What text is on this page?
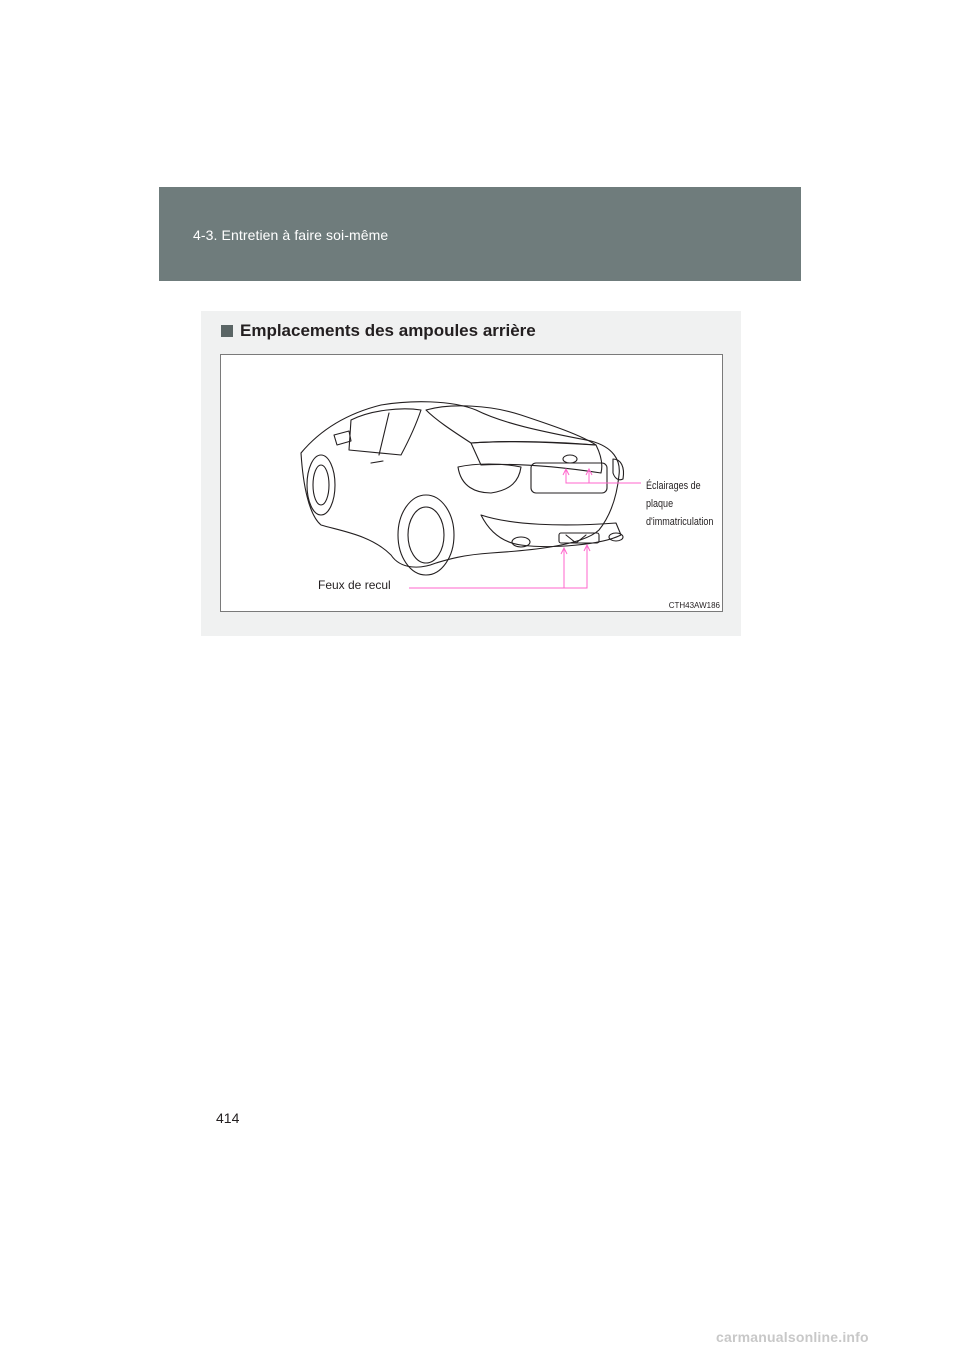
4-3. Entretien à faire soi-même
Emplacements des ampoules arrière
Feux de recul
Éclairages de
plaque
d'immatriculation
CTH43AW186
414
carmanualsonline.info
